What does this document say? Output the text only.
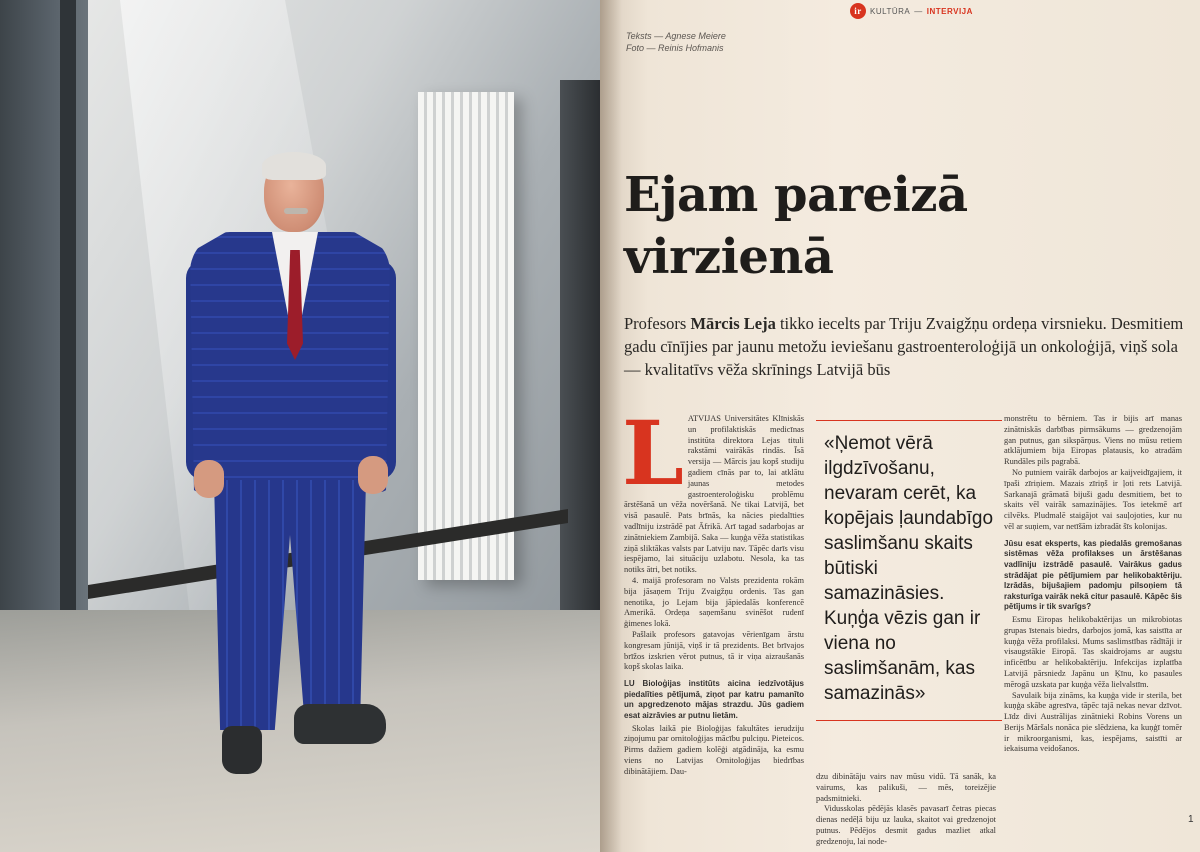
ir	KULTŪRA — INTERVIJA
Teksts — Agnese Meiere
Foto — Reinis Hofmanis
Ejam pareizā virzienā

Profesors Mārcis Leja tikko iecelts par Triju Zvaigžņu ordeņa virsnieku. Desmitiem gadu cīnījies par jaunu metožu ieviešanu gastroenteroloģijā un onkoloģijā, viņš sola — kvalitatīvs vēža skrīnings Latvijā būs

L ATVIJAS Universitātes Klīniskās un profilaktiskās medicīnas institūta direktora Lejas tituli rakstāmi vairākās rindās. Īsā versija — Mārcis jau kopš studiju gadiem cīnās par to, lai atklātu jaunas metodes gastroenteroloģisku problēmu ārstēšanā un vēža novēršanā. Ne tikai Latvijā, bet visā pasaulē. Pats brīnās, ka nācies piedalīties vadlīniju izstrādē pat Āfrikā. Arī tagad sadarbojas ar zinātniekiem Zambijā. Saka — kuņģa vēža statistikas ziņā sliktākas valsts par Latviju nav. Tāpēc darīs visu iespējamo, lai situāciju uzlabotu. Nesola, ka tas notiks ātri, bet notiks.

4. maijā profesoram no Valsts prezidenta rokām bija jāsaņem Triju Zvaigžņu ordenis. Tas gan nenotika, jo Lejam bija jāpiedalās konferencē Amerikā. Ordeņa saņemšanu svinēšot rudenī ģimenes lokā.

Pašlaik profesors gatavojas vērienīgam ārstu kongresam jūnijā, viņš ir tā prezidents. Bet brīvajos brīžos izskrien vērot putnus, tā ir viņa aizraušanās kopš skolas laika.

LU Bioloģijas institūts aicina iedzīvotājus piedalīties pētījumā, ziņot par katru pamanīto un apgredzenoto mājas strazdu. Jūs gadiem esat aizrāvies ar putnu lietām.

Skolas laikā pie Bioloģijas fakultātes ierudziju ziņojumu par ornitoloģijas mācību pulciņu. Pieteicos. Pirms dažiem gadiem kolēģi atgādināja, ka esmu viens no Latvijas Ornitoloģijas biedrības dibinātājiem. Dau-

«Ņemot vērā ilgdzīvošanu, nevaram cerēt, ka kopējais ļaundabīgo saslimšanu skaits būtiski samazināsies. Kuņģa vēzis gan ir viena no saslimšanām, kas samazinās»

dzu dibinātāju vairs nav mūsu vidū. Tā sanāk, ka vairums, kas palikuši, — mēs, toreizējie padsmitnieki.

Vidusskolas pēdējās klasēs pavasarī četras piecas dienas nedēļā biju uz lauka, skaitot vai gredzenojot putnus. Pēdējos desmit gadus mazliet atkal gredzenoju, lai node-

monstrētu to bērniem. Tas ir bijis arī manas zinātniskās darbības pirmsākums — gredzenojām gan putnus, gan sikspārņus. Viens no mūsu retiem atklājumiem bija Eiropas platausis, ko atradām Rundāles pils pagrabā.

No putniem vairāk darbojos ar kaijveidīgajiem, it īpaši zīriņiem. Mazais zīriņš ir ļoti rets Latvijā. Sarkanajā grāmatā bijuši gadu desmitiem, bet to skaits vēl vairāk samazinājies. Tos ietekmē arī cilvēks. Pludmalē staigājot vai sauļojoties, kur nu vēl ar suņiem, var netīšām izbradāt šīs kolonijas.

Jūsu esat eksperts, kas piedalās gremošanas sistēmas vēža profilakses un ārstēšanas vadlīniju izstrādē pasaulē. Vairākus gadus strādājat pie pētījumiem par helikobaktēriju. Izrādās, bijušajiem padomju pilsoņiem tā raksturīga vairāk nekā citur pasaulē. Kāpēc šis pētījums ir tik svarīgs?

Esmu Eiropas helikobaktērijas un mikrobiotas grupas īstenais biedrs, darbojos jomā, kas saistīta ar kuņģa vēža profilaksi. Mums saslimstības rādītāji ir visaugstākie Eiropā. Tas skaidrojams ar augstu inficētību ar helikobaktēriju. Infekcijas izplatība Latvijā pārsniedz Japānu un Ķīnu, ko pasaules mērogā uzskata par kuņģa vēža lielvalstīm.

Savulaik bija zināms, ka kuņģa vide ir sterila, bet kuņģa skābe agresīva, tāpēc tajā nekas nevar dzīvot. Līdz divi Austrālijas zinātnieki Robins Vorens un Berijs Māršals nonāca pie slēdziena, ka kuņģī tomēr ir mikroorganismi, kas, iespējams, saistīti ar iekaisuma veidošanos.

1
